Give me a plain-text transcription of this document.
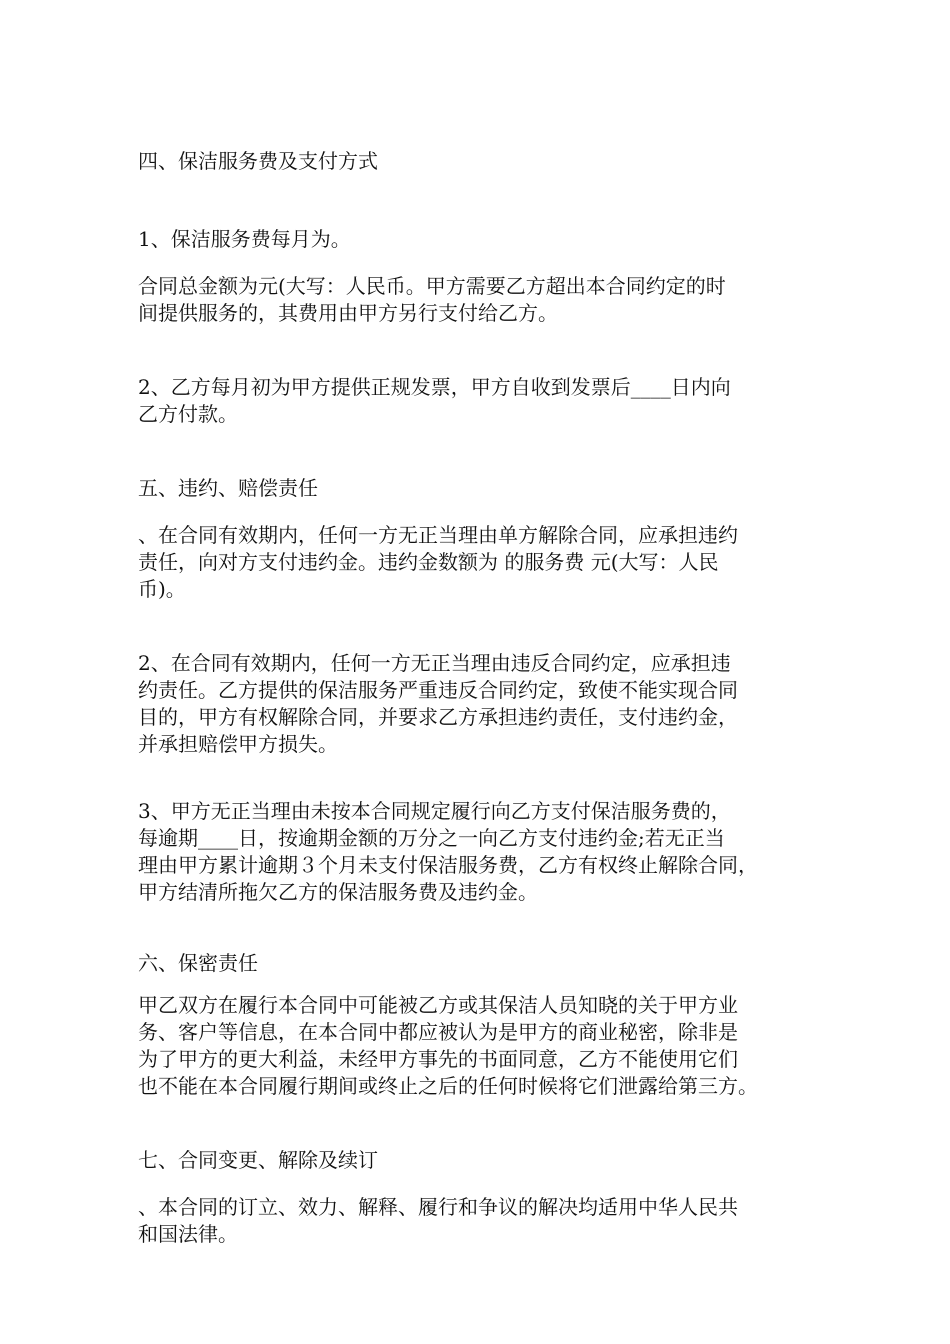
四、保洁服务费及支付方式

1、保洁服务费每月为。

合同总金额为元(大写：人民币。甲方需要乙方超出本合同约定的时

间提供服务的，其费用由甲方另行支付给乙方。

2、乙方每月初为甲方提供正规发票，甲方自收到发票后____日内向

乙方付款。

五、违约、赔偿责任

、在合同有效期内，任何一方无正当理由单方解除合同，应承担违约

责任，向对方支付违约金。违约金数额为 的服务费 元(大写：人民

币)。

2、在合同有效期内，任何一方无正当理由违反合同约定，应承担违

约责任。乙方提供的保洁服务严重违反合同约定，致使不能实现合同

目的，甲方有权解除合同，并要求乙方承担违约责任，支付违约金，

并承担赔偿甲方损失。

3、甲方无正当理由未按本合同规定履行向乙方支付保洁服务费的，

每逾期____日，按逾期金额的万分之一向乙方支付违约金;若无正当

理由甲方累计逾期３个月未支付保洁服务费，乙方有权终止解除合同，

甲方结清所拖欠乙方的保洁服务费及违约金。

六、保密责任

甲乙双方在履行本合同中可能被乙方或其保洁人员知晓的关于甲方业

务、客户等信息，在本合同中都应被认为是甲方的商业秘密，除非是

为了甲方的更大利益，未经甲方事先的书面同意，乙方不能使用它们

也不能在本合同履行期间或终止之后的任何时候将它们泄露给第三方。

七、合同变更、解除及续订

、本合同的订立、效力、解释、履行和争议的解决均适用中华人民共

和国法律。
